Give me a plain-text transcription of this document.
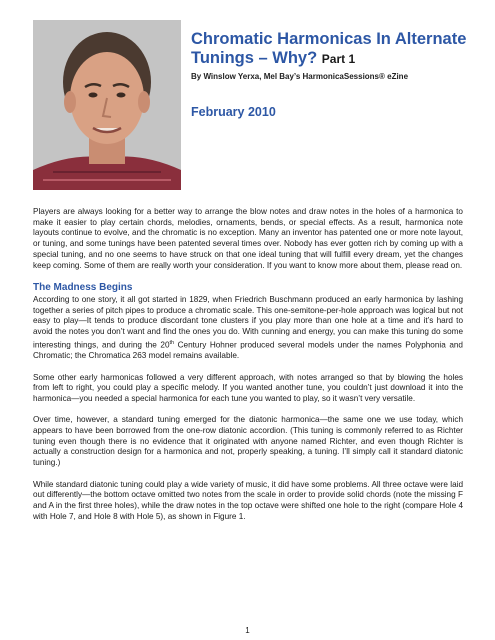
Chromatic Harmonicas In Alternate Tunings – Why? Part 1
By Winslow Yerxa, Mel Bay’s HarmonicaSessions® eZine
February 2010

Players are always looking for a better way to arrange the blow notes and draw notes in the holes of a harmonica to make it easier to play certain chords, melodies, ornaments, bends, or special effects. As a result, harmonica note layouts continue to evolve, and the chromatic is no exception. Many an inventor has patented one or more note layout, or tuning, and some tunings have been patented several times over. Nobody has ever gotten rich by coming up with a special tuning, and no one seems to have struck on that one ideal tuning that will fulfill every dream, yet the changes keep coming. Some of them are really worth your consideration. If you want to know more about them, please read on.

The Madness Begins

According to one story, it all got started in 1829, when Friedrich Buschmann produced an early harmonica by lashing together a series of pitch pipes to produce a chromatic scale. This one-semitone-per-hole approach was logical but not easy to play—It tends to produce discordant tone clusters if you play more than one hole at a time and it’s hard to avoid the notes you don’t want and find the ones you do. With cunning and energy, you can make this tuning do some interesting things, and during the 20th Century Hohner produced several models under the names Polyphonia and Chromatic; the Chromatica 263 model remains available.

Some other early harmonicas followed a very different approach, with notes arranged so that by blowing the holes from left to right, you could play a specific melody. If you wanted another tune, you couldn’t just download it into the harmonica—you needed a special harmonica for each tune you wanted to play, so it wasn’t very versatile.

Over time, however, a standard tuning emerged for the diatonic harmonica—the same one we use today, which appears to have been borrowed from the one-row diatonic accordion. (This tuning is commonly referred to as Richter tuning even though there is no evidence that it originated with anyone named Richter, and even though Richter is actually a construction design for a harmonica and not, properly speaking, a tuning. I’ll simply call it standard diatonic tuning.)

While standard diatonic tuning could play a wide variety of music, it did have some problems. All three octave were laid out differently—the bottom octave omitted two notes from the scale in order to provide solid chords (note the missing F and A in the first three holes), while the draw notes in the top octave were shifted one hole to the right (compare Hole 4 with Hole 7, and Hole 8 with Hole 5), as shown in Figure 1.

1
